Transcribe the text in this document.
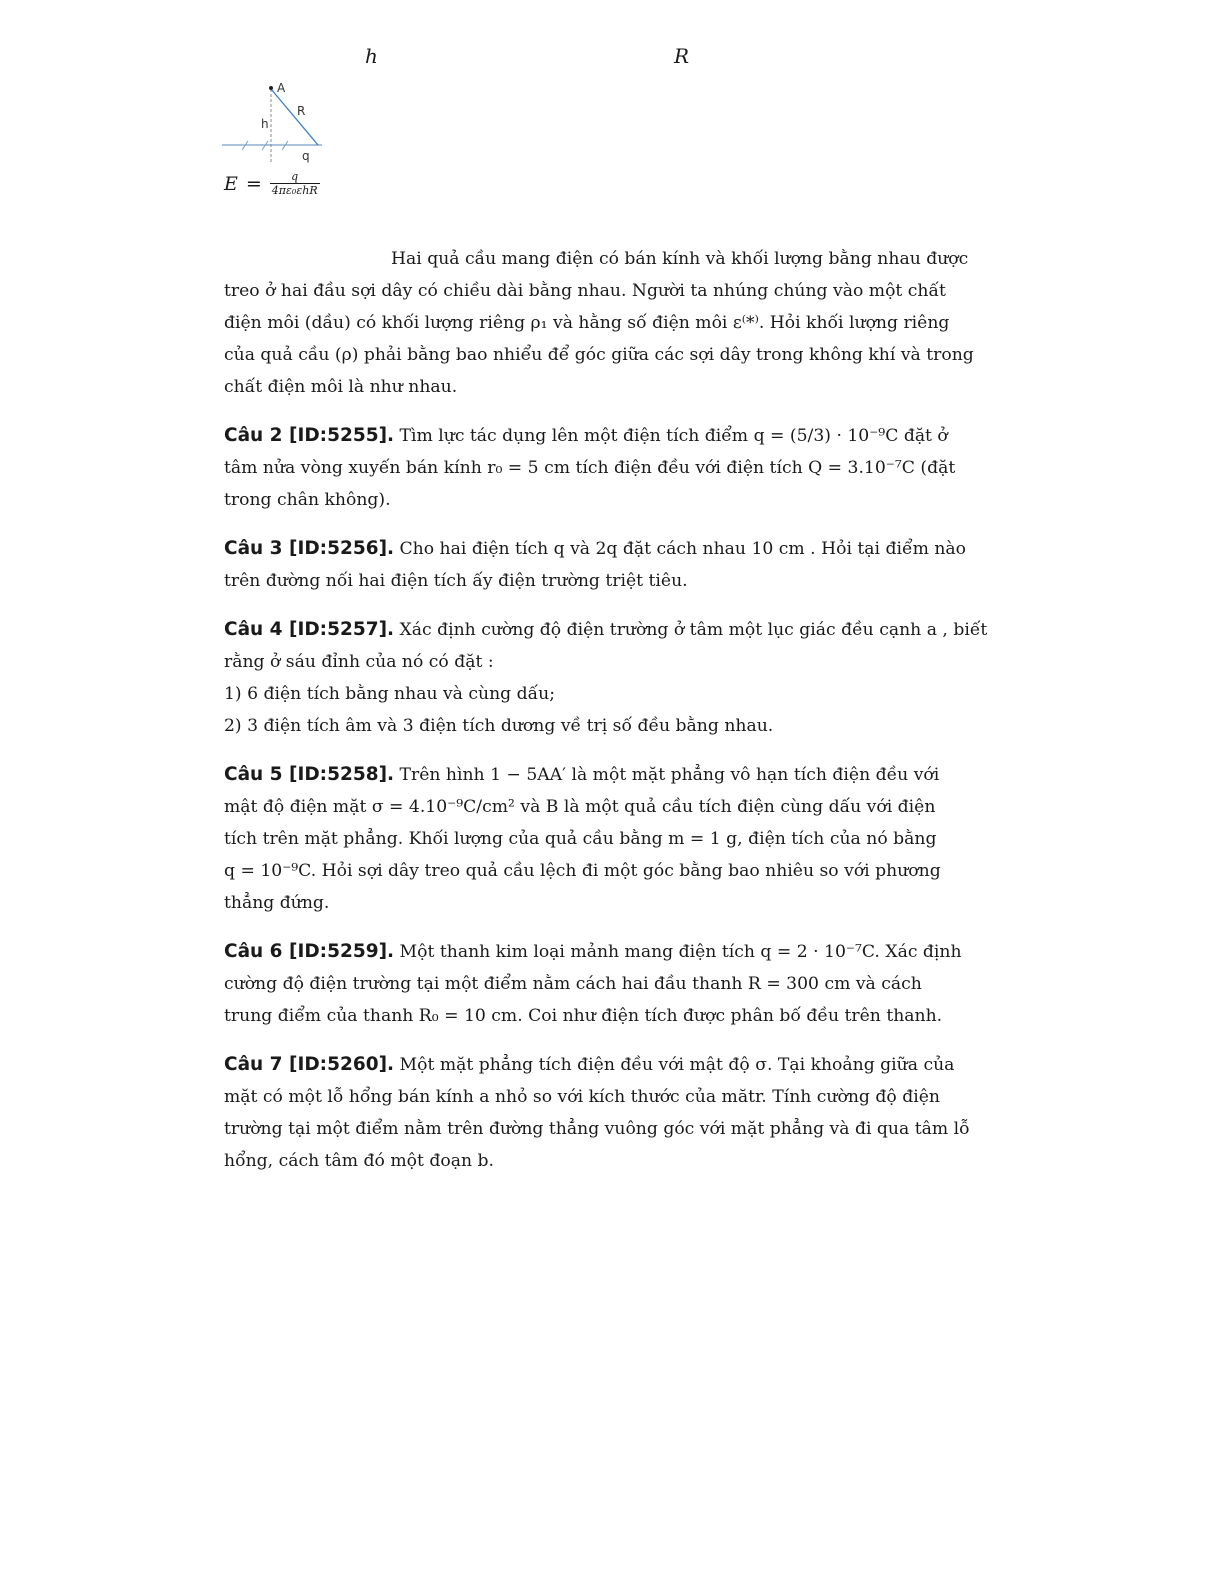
h	R
A
R
h
q
$E = \frac{q}{\text{4πε₀εhR}}$
Hai quả cầu mang điện có bán kính và khối lượng bằng nhau được
treo ở hai đầu sợi dây có chiều dài bằng nhau. Người ta nhúng chúng vào một chất
điện môi (dầu) có khối lượng riêng ρ₁ và hằng số điện môi ε⁽*⁾. Hỏi khối lượng riêng
của quả cầu (ρ) phải bằng bao nhiểu để góc giữa các sợi dây trong không khí và trong
chất điện môi là như nhau.
Câu 2 [ID:5255]. Tìm lực tác dụng lên một điện tích điểm q = (5/3) · 10⁻⁹C đặt ở
tâm nửa vòng xuyến bán kính r₀ = 5 cm tích điện đều với điện tích Q = 3.10⁻⁷C (đặt
trong chân không).
Câu 3 [ID:5256]. Cho hai điện tích q và 2q đặt cách nhau 10 cm . Hỏi tại điểm nào
trên đường nối hai điện tích ấy điện trường triệt tiêu.
Câu 4 [ID:5257]. Xác định cường độ điện trường ở tâm một lục giác đều cạnh a , biết
rằng ở sáu đỉnh của nó có đặt :
1) 6 điện tích bằng nhau và cùng dấu;
2) 3 điện tích âm và 3 điện tích dương về trị số đều bằng nhau.
Câu 5 [ID:5258]. Trên hình 1 − 5AA′ là một mặt phẳng vô hạn tích điện đều với
mật độ điện mặt σ = 4.10⁻⁹C/cm² và B là một quả cầu tích điện cùng dấu với điện
tích trên mặt phẳng. Khối lượng của quả cầu bằng m = 1 g, điện tích của nó bằng
q = 10⁻⁹C. Hỏi sợi dây treo quả cầu lệch đi một góc bằng bao nhiêu so với phương
thẳng đứng.
Câu 6 [ID:5259]. Một thanh kim loại mảnh mang điện tích q = 2 · 10⁻⁷C. Xác định
cường độ điện trường tại một điểm nằm cách hai đầu thanh R = 300 cm và cách
trung điểm của thanh R₀ = 10 cm. Coi như điện tích được phân bố đều trên thanh.
Câu 7 [ID:5260]. Một mặt phẳng tích điện đều với mật độ σ. Tại khoảng giữa của
mặt có một lỗ hổng bán kính a nhỏ so với kích thước của mătr. Tính cường độ điện
trường tại một điểm nằm trên đường thẳng vuông góc với mặt phẳng và đi qua tâm lỗ
hổng, cách tâm đó một đoạn b.
